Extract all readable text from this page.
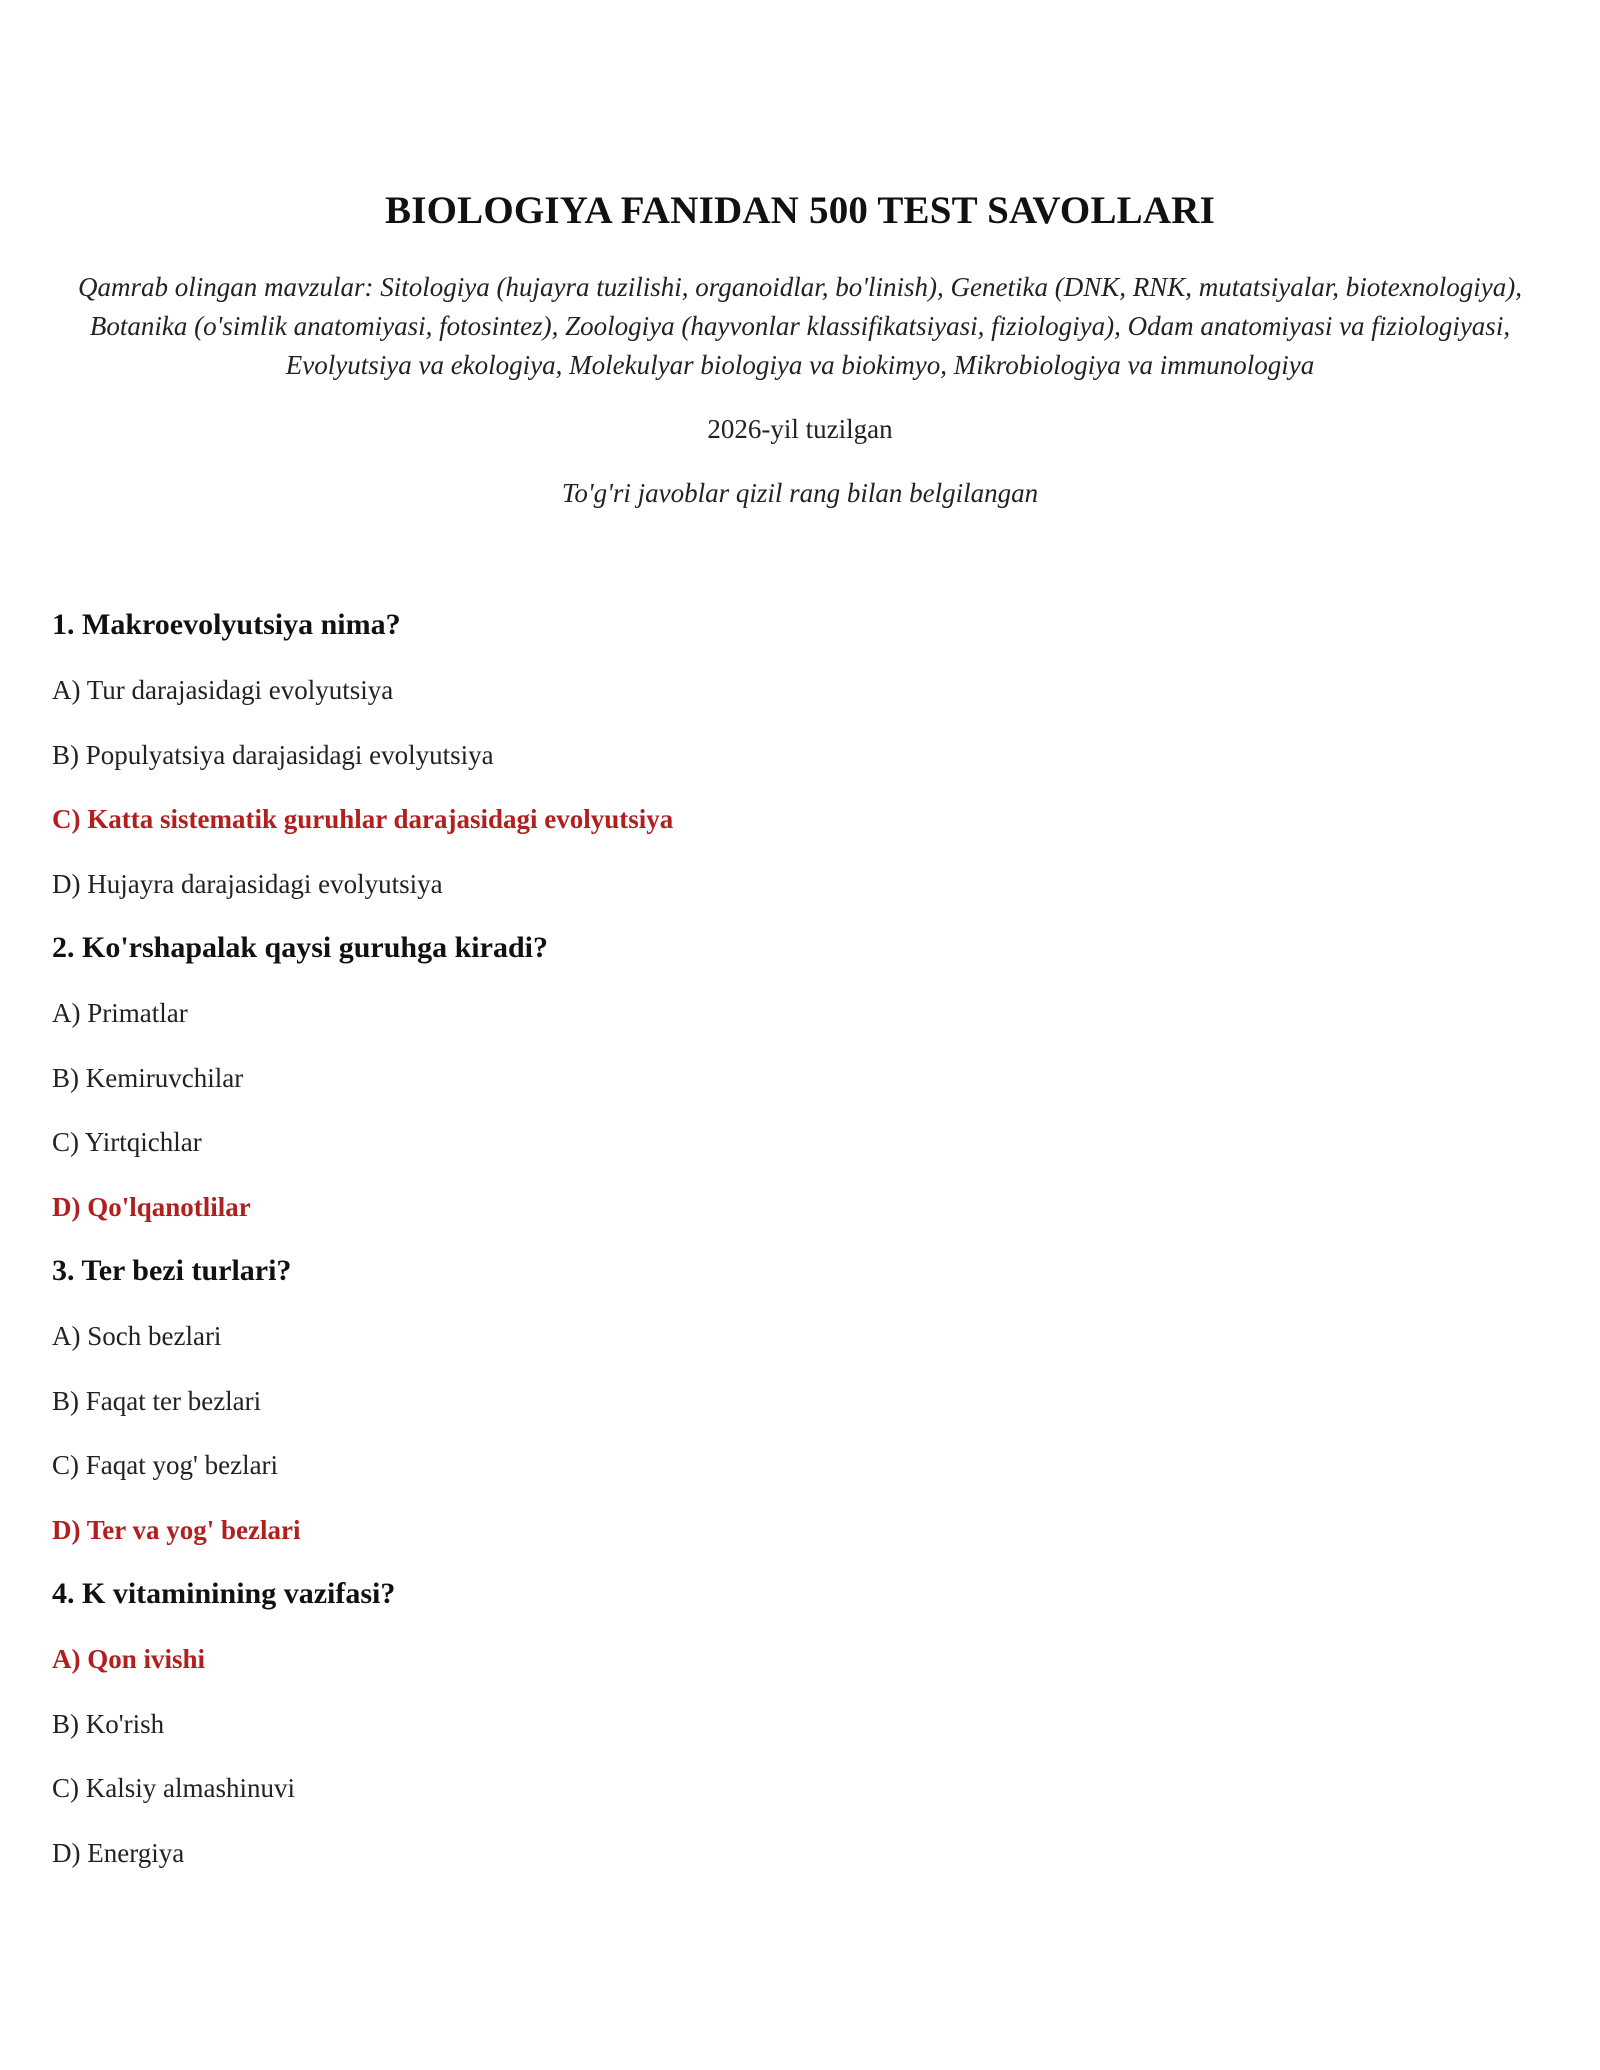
BIOLOGIYA FANIDAN 500 TEST SAVOLLARI

Qamrab olingan mavzular: Sitologiya (hujayra tuzilishi, organoidlar, bo'linish), Genetika (DNK, RNK, mutatsiyalar, biotexnologiya), Botanika (o'simlik anatomiyasi, fotosintez), Zoologiya (hayvonlar klassifikatsiyasi, fiziologiya), Odam anatomiyasi va fiziologiyasi, Evolyutsiya va ekologiya, Molekulyar biologiya va biokimyo, Mikrobiologiya va immunologiya

2026-yil tuzilgan

To'g'ri javoblar qizil rang bilan belgilangan

1. Makroevolyutsiya nima?

A) Tur darajasidagi evolyutsiya

B) Populyatsiya darajasidagi evolyutsiya

C) Katta sistematik guruhlar darajasidagi evolyutsiya

D) Hujayra darajasidagi evolyutsiya

2. Ko'rshapalak qaysi guruhga kiradi?

A) Primatlar

B) Kemiruvchilar

C) Yirtqichlar

D) Qo'lqanotlilar

3. Ter bezi turlari?

A) Soch bezlari

B) Faqat ter bezlari

C) Faqat yog' bezlari

D) Ter va yog' bezlari

4. K vitaminining vazifasi?

A) Qon ivishi

B) Ko'rish

C) Kalsiy almashinuvi

D) Energiya
